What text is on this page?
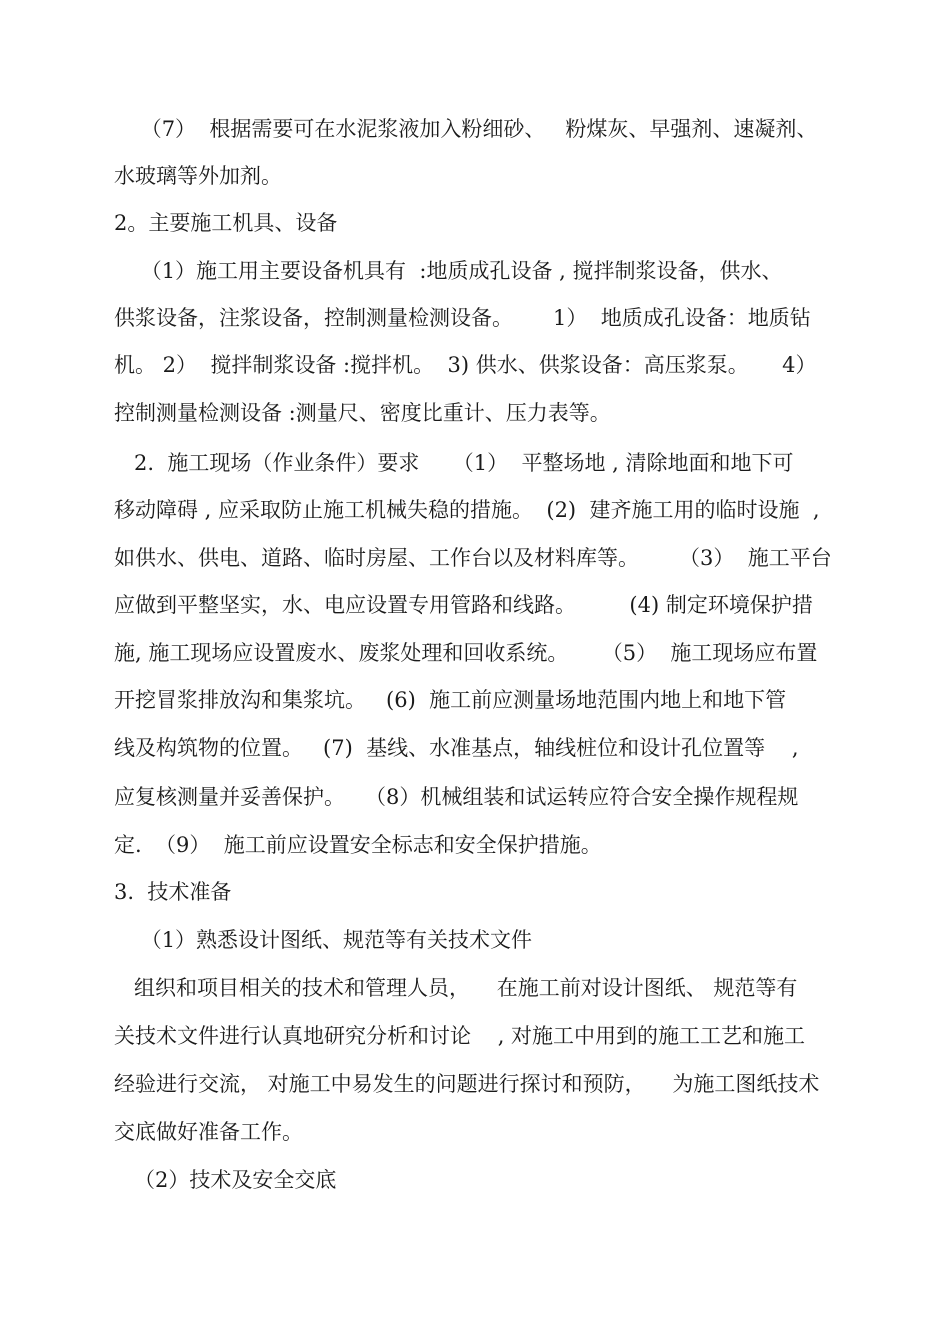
（7）  根据需要可在水泥浆液加入粉细砂、   粉煤灰、早强剂、速凝剂、
水玻璃等外加剂。
2。主要施工机具、设备
（1）施工用主要设备机具有  :地质成孔设备 , 搅拌制浆设备，供水、
供浆设备，注浆设备，控制测量检测设备。      1）  地质成孔设备：地质钻
机。 2）  搅拌制浆设备 :搅拌机。  3) 供水、供浆设备：高压浆泵。     4）
控制测量检测设备 :测量尺、密度比重计、压力表等。
2.  施工现场（作业条件）要求     （1）  平整场地 , 清除地面和地下可
移动障碍 , 应采取防止施工机械失稳的措施。  (2)  建齐施工用的临时设施  ,
如供水、供电、道路、临时房屋、工作台以及材料库等。      （3）  施工平台
应做到平整坚实，水、电应设置专用管路和线路。        (4) 制定环境保护措
施, 施工现场应设置废水、废浆处理和回收系统。     （5）  施工现场应布置
开挖冒浆排放沟和集浆坑。   (6)  施工前应测量场地范围内地上和地下管
线及构筑物的位置。   (7)  基线、水准基点，轴线桩位和设计孔位置等    ,
应复核测量并妥善保护。   （8）机械组装和试运转应符合安全操作规程规
定.  （9）  施工前应设置安全标志和安全保护措施。
3.  技术准备
（1）熟悉设计图纸、规范等有关技术文件
组织和项目相关的技术和管理人员，    在施工前对设计图纸、 规范等有
关技术文件进行认真地研究分析和讨论    , 对施工中用到的施工工艺和施工
经验进行交流， 对施工中易发生的问题进行探讨和预防，    为施工图纸技术
交底做好准备工作。
（2）技术及安全交底
